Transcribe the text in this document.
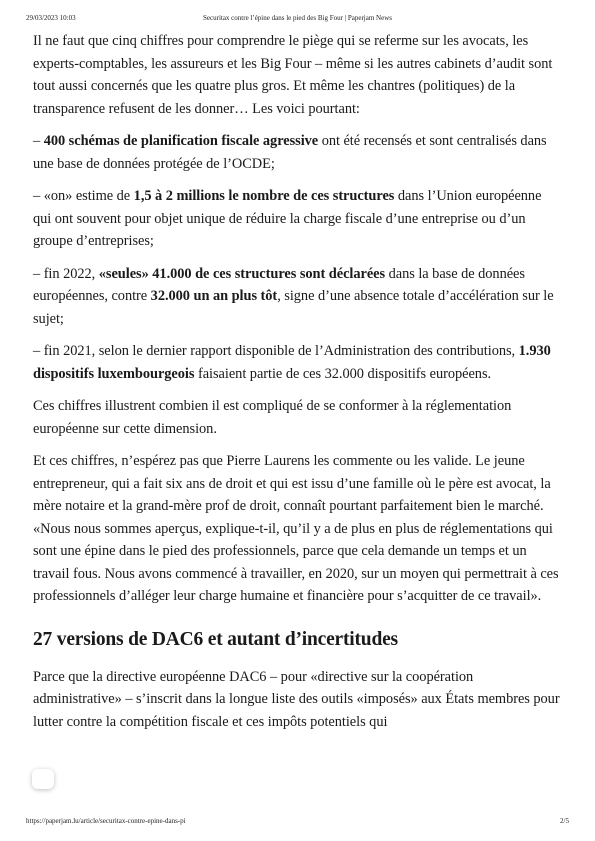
29/03/2023 10:03	Securitax contre l’épine dans le pied des Big Four | Paperjam News

Il ne faut que cinq chiffres pour comprendre le piège qui se referme sur les avocats, les experts-comptables, les assureurs et les Big Four – même si les autres cabinets d’audit sont tout aussi concernés que les quatre plus gros. Et même les chantres (politiques) de la transparence refusent de les donner… Les voici pourtant:

– 400 schémas de planification fiscale agressive ont été recensés et sont centralisés dans une base de données protégée de l’OCDE;

– «on» estime de 1,5 à 2 millions le nombre de ces structures dans l’Union européenne qui ont souvent pour objet unique de réduire la charge fiscale d’une entreprise ou d’un groupe d’entreprises;

– fin 2022, «seules» 41.000 de ces structures sont déclarées dans la base de données européennes, contre 32.000 un an plus tôt, signe d’une absence totale d’accélération sur le sujet;

– fin 2021, selon le dernier rapport disponible de l’Administration des contributions, 1.930 dispositifs luxembourgeois faisaient partie de ces 32.000 dispositifs européens.

Ces chiffres illustrent combien il est compliqué de se conformer à la réglementation européenne sur cette dimension.

Et ces chiffres, n’espérez pas que Pierre Laurens les commente ou les valide. Le jeune entrepreneur, qui a fait six ans de droit et qui est issu d’une famille où le père est avocat, la mère notaire et la grand-mère prof de droit, connaît pourtant parfaitement bien le marché. «Nous nous sommes aperçus, explique-t-il, qu’il y a de plus en plus de réglementations qui sont une épine dans le pied des professionnels, parce que cela demande un temps et un travail fous. Nous avons commencé à travailler, en 2020, sur un moyen qui permettrait à ces professionnels d’alléger leur charge humaine et financière pour s’acquitter de ce travail».

27 versions de DAC6 et autant d’incertitudes

Parce que la directive européenne DAC6 – pour «directive sur la coopération administrative» – s’inscrit dans la longue liste des outils «imposés» aux États membres pour lutter contre la compétition fiscale et ces impôts potentiels qui

https://paperjam.lu/article/securitax-contre-epine-dans-pi	2/5
